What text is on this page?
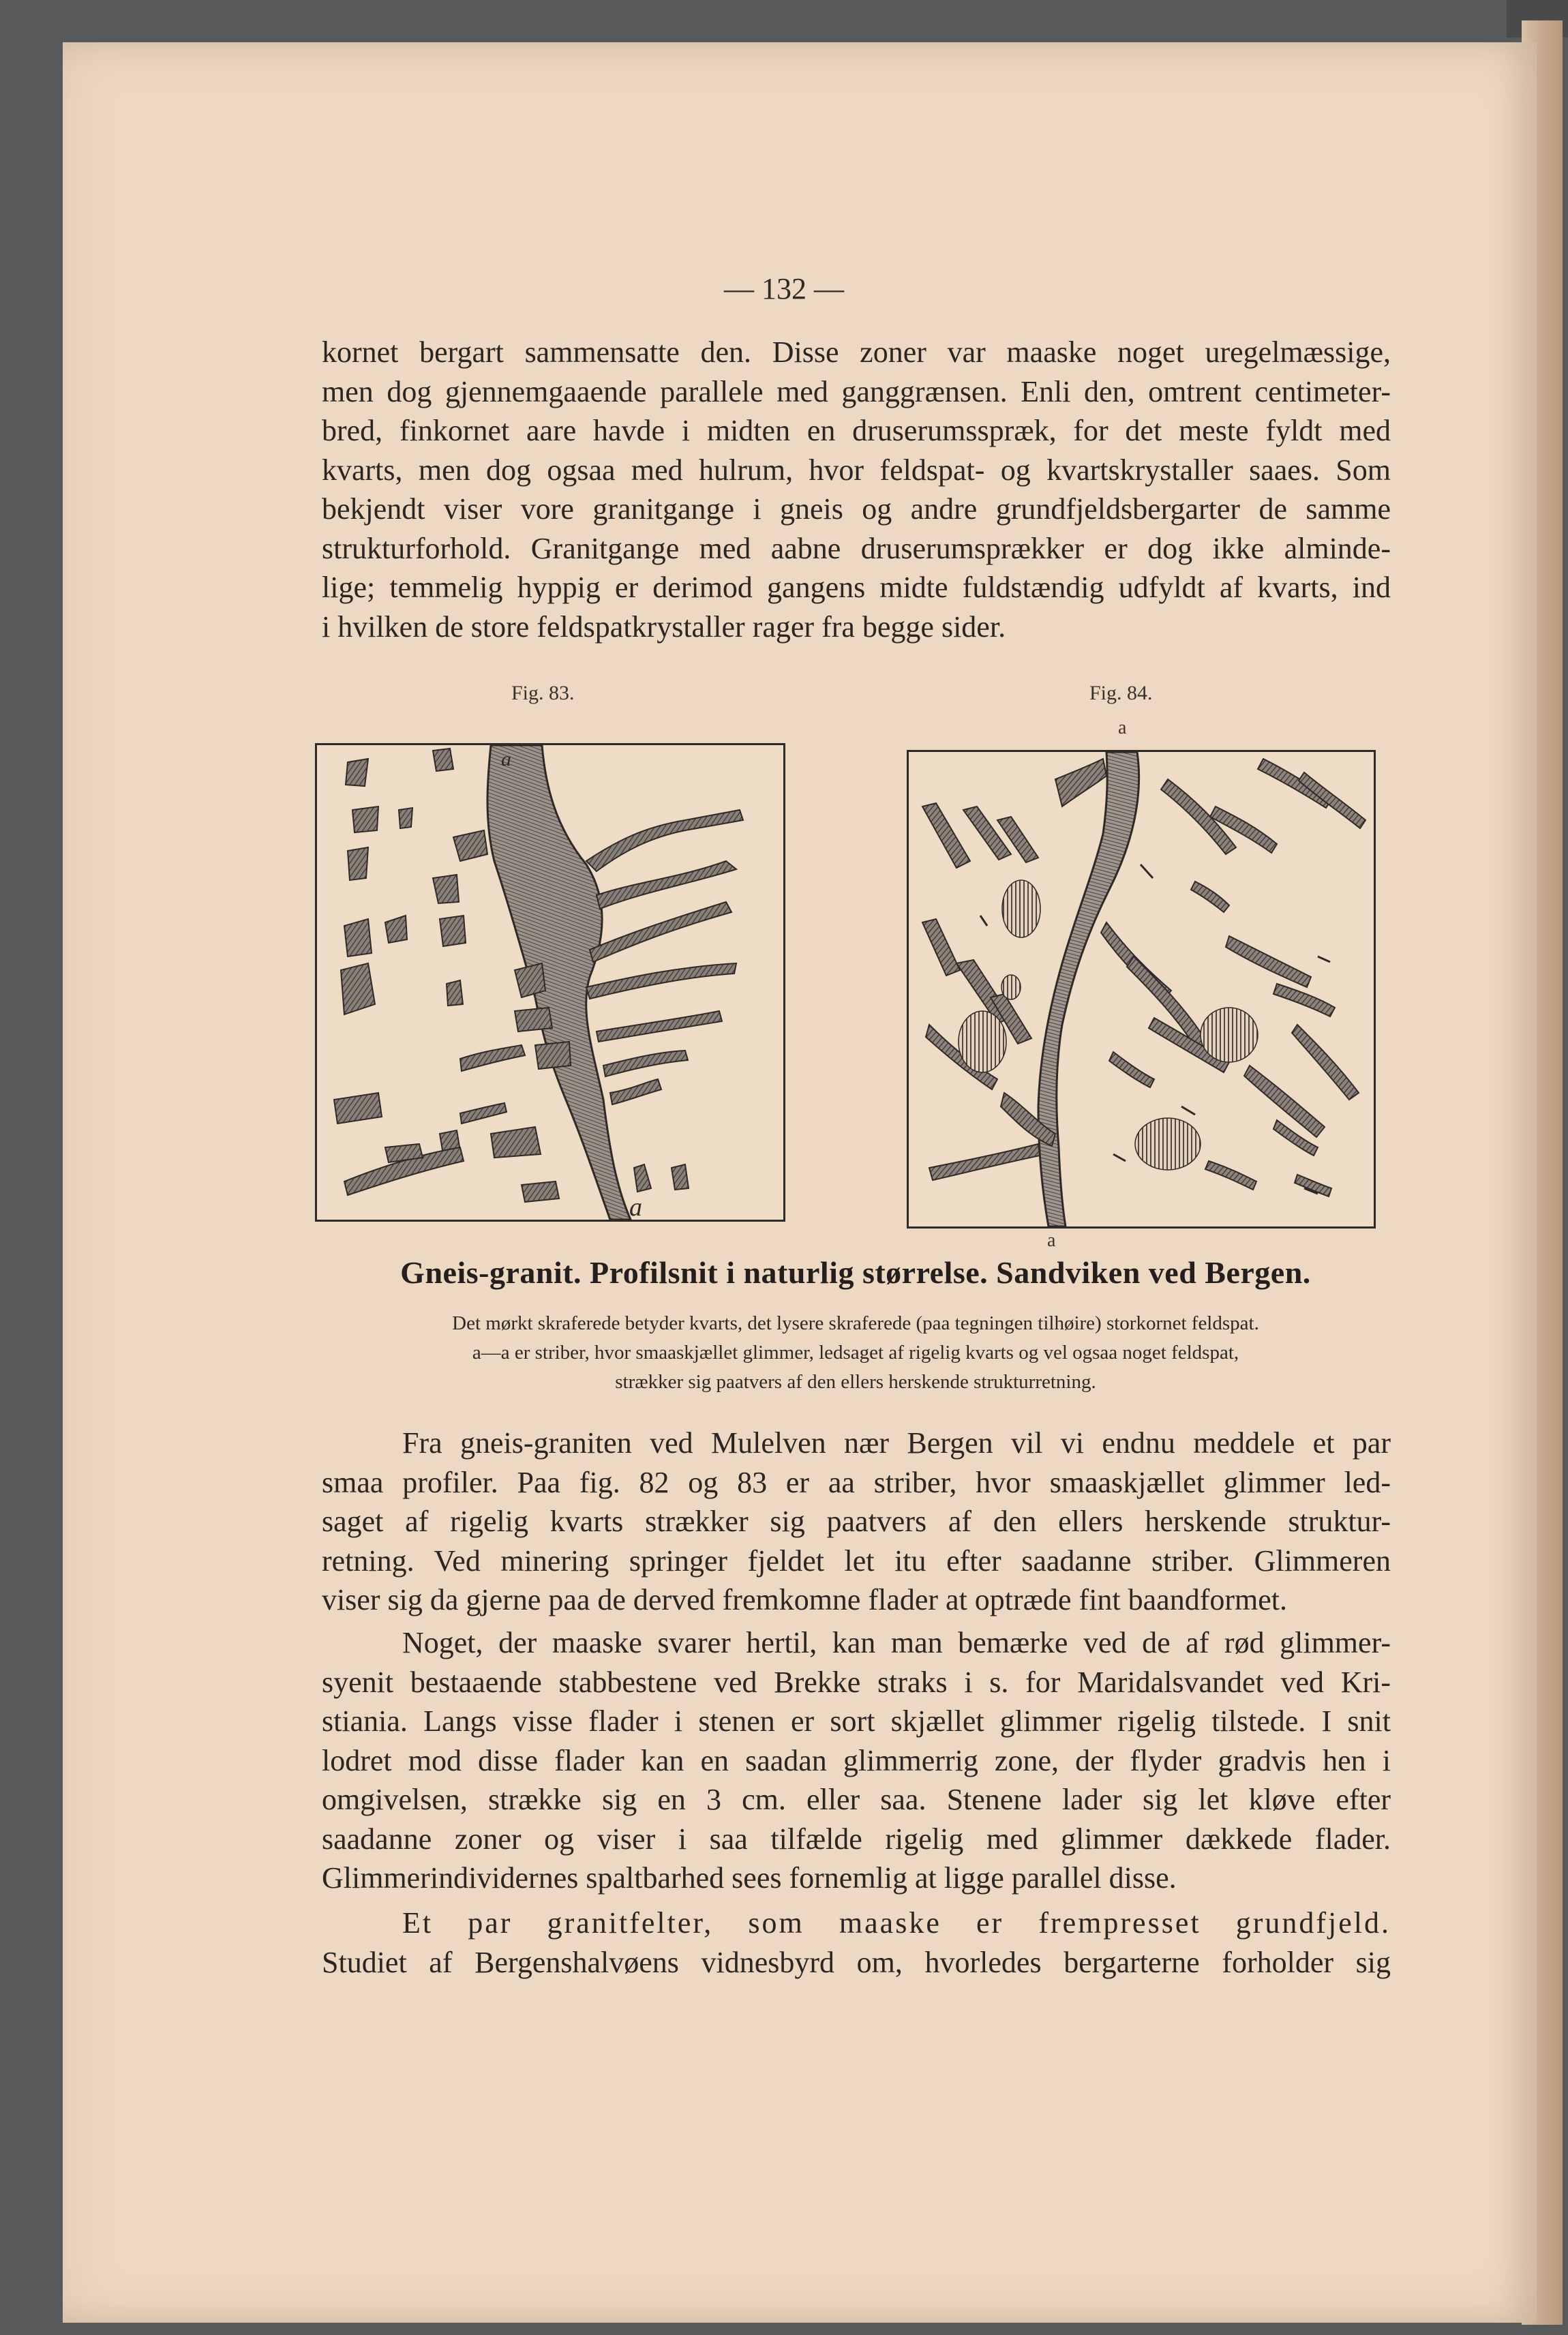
— 132 —
kornet bergart sammensatte den. Disse zoner var maaske noget uregelmæssige,
men dog gjennemgaaende parallele med ganggrænsen. Enli den, omtrent centimeter-
bred, finkornet aare havde i midten en druserumsspræk, for det meste fyldt med
kvarts, men dog ogsaa med hulrum, hvor feldspat- og kvartskrystaller saaes. Som
bekjendt viser vore granitgange i gneis og andre grundfjeldsbergarter de samme
strukturforhold. Granitgange med aabne druserumsprækker er dog ikke alminde-
lige; temmelig hyppig er derimod gangens midte fuldstændig udfyldt af kvarts, ind
i hvilken de store feldspatkrystaller rager fra begge sider.
Fig. 83.	Fig. 84.
a
a
a
a
Gneis-granit. Profilsnit i naturlig størrelse. Sandviken ved Bergen.
Det mørkt skraferede betyder kvarts, det lysere skraferede (paa tegningen tilhøire) storkornet feldspat.
a—a er striber, hvor smaaskjællet glimmer, ledsaget af rigelig kvarts og vel ogsaa noget feldspat,
strækker sig paatvers af den ellers herskende strukturretning.
Fra gneis-graniten ved Mulelven nær Bergen vil vi endnu meddele et par
smaa profiler. Paa fig. 82 og 83 er aa striber, hvor smaaskjællet glimmer led-
saget af rigelig kvarts strækker sig paatvers af den ellers herskende struktur-
retning. Ved minering springer fjeldet let itu efter saadanne striber. Glimmeren
viser sig da gjerne paa de derved fremkomne flader at optræde fint baandformet.
Noget, der maaske svarer hertil, kan man bemærke ved de af rød glimmer-
syenit bestaaende stabbestene ved Brekke straks i s. for Maridalsvandet ved Kri-
stiania. Langs visse flader i stenen er sort skjællet glimmer rigelig tilstede. I snit
lodret mod disse flader kan en saadan glimmerrig zone, der flyder gradvis hen i
omgivelsen, strække sig en 3 cm. eller saa. Stenene lader sig let kløve efter
saadanne zoner og viser i saa tilfælde rigelig med glimmer dækkede flader.
Glimmerindividernes spaltbarhed sees fornemlig at ligge parallel disse.
Et par granitfelter, som maaske er frempresset grundfjeld.
Studiet af Bergenshalvøens vidnesbyrd om, hvorledes bergarterne forholder sig
